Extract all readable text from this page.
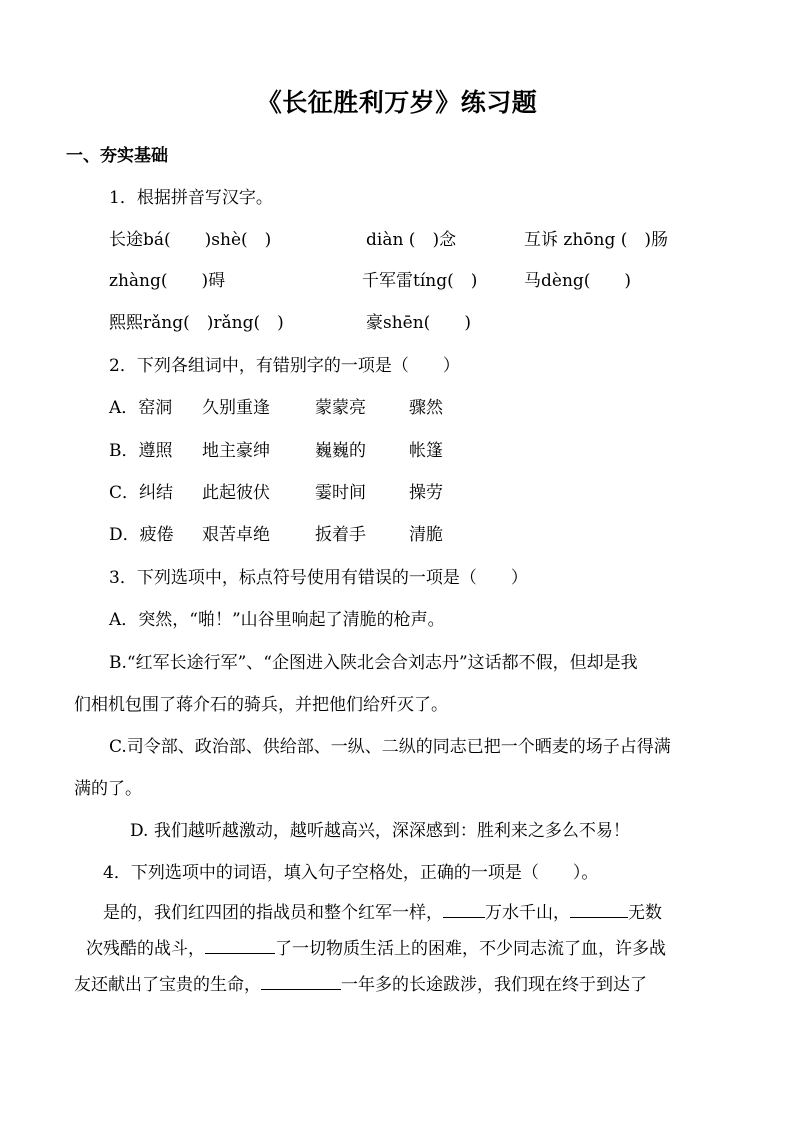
《长征胜利万岁》练习题
一、夯实基础
1．根据拼音写汉字。
长途bá(　　)shè(　)	diàn (　)念	互诉 zhōng (　)肠
zhàng(　　)碍	千军雷tíng(　)	马dèng(　　)
熙熙rǎng(　)rǎng(　)	豪shēn(　　)
2．下列各组词中，有错别字的一项是（　　）
A．窑洞 久别重逢	蒙蒙亮	骤然
B．遵照 地主豪绅	巍巍的	帐篷
C．纠结 此起彼伏	霎时间	操劳
D．疲倦 艰苦卓绝	扳着手	清脆
3．下列选项中，标点符号使用有错误的一项是（　　）
A．突然，“啪！”山谷里响起了清脆的枪声。
B.“红军长途行军”、“企图进入陕北会合刘志丹”这话都不假，但却是我
们相机包围了蒋介石的骑兵，并把他们给歼灭了。
C.司令部、政治部、供给部、一纵、二纵的同志已把一个晒麦的场子占得满
满的了。
D. 我们越听越激动，越听越高兴，深深感到：胜利来之多么不易！
4．下列选项中的词语，填入句子空格处，正确的一项是（　　）。
是的，我们红四团的指战员和整个红军一样， 万水千山，	无数
次残酷的战斗，	了一切物质生活上的困难，不少同志流了血，许多战
友还献出了宝贵的生命，	一年多的长途跋涉，我们现在终于到达了
